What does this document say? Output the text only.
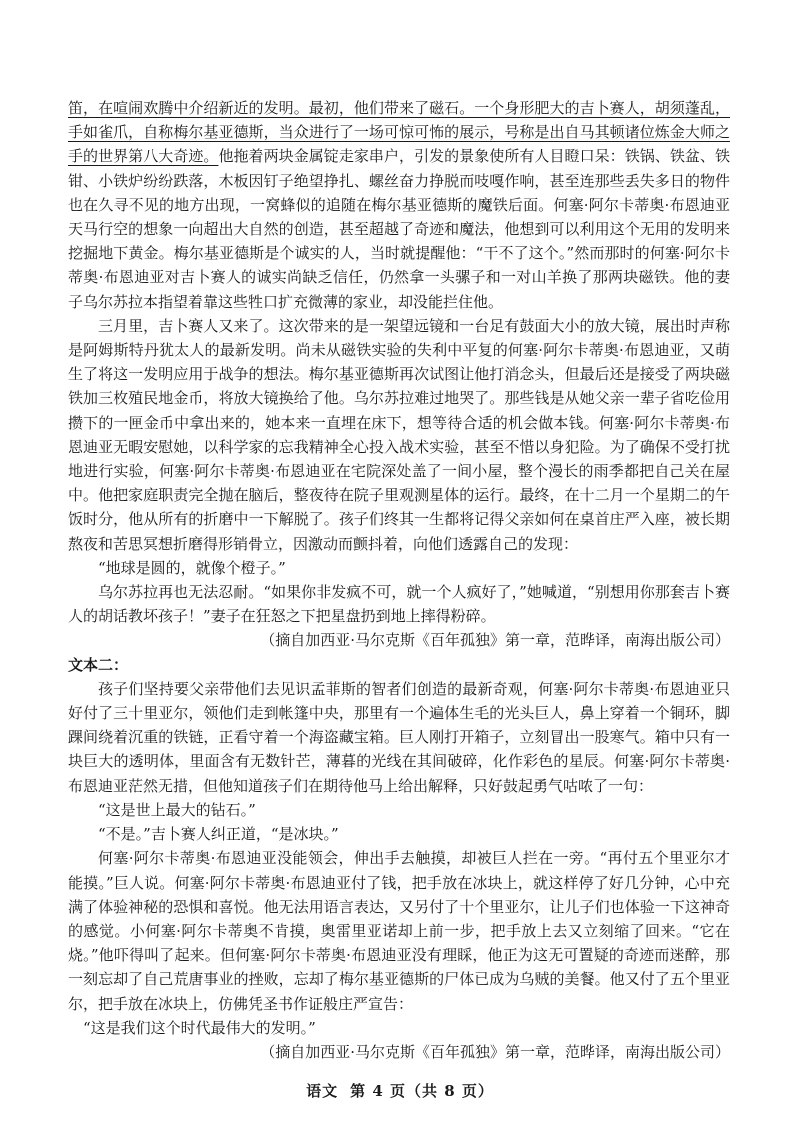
笛，在喧闹欢腾中介绍新近的发明。最初，他们带来了磁石。一个身形肥大的吉卜赛人，胡须蓬乱，手如雀爪，自称梅尔基亚德斯，当众进行了一场可惊可怖的展示，号称是出自马其顿诸位炼金大师之手的世界第八大奇迹。他拖着两块金属锭走家串户，引发的景象使所有人目瞪口呆：铁锅、铁盆、铁钳、小铁炉纷纷跌落，木板因钉子绝望挣扎、螺丝奋力挣脱而吱嘎作响，甚至连那些丢失多日的物件也在久寻不见的地方出现，一窝蜂似的追随在梅尔基亚德斯的魔铁后面。何塞·阿尔卡蒂奥·布恩迪亚天马行空的想象一向超出大自然的创造，甚至超越了奇迹和魔法，他想到可以利用这个无用的发明来挖掘地下黄金。梅尔基亚德斯是个诚实的人，当时就提醒他：“干不了这个。”然而那时的何塞·阿尔卡蒂奥·布恩迪亚对吉卜赛人的诚实尚缺乏信任，仍然拿一头骡子和一对山羊换了那两块磁铁。他的妻子乌尔苏拉本指望着靠这些牲口扩充微薄的家业，却没能拦住他。

三月里，吉卜赛人又来了。这次带来的是一架望远镜和一台足有鼓面大小的放大镜，展出时声称是阿姆斯特丹犹太人的最新发明。尚未从磁铁实验的失利中平复的何塞·阿尔卡蒂奥·布恩迪亚，又萌生了将这一发明应用于战争的想法。梅尔基亚德斯再次试图让他打消念头，但最后还是接受了两块磁铁加三枚殖民地金币，将放大镜换给了他。乌尔苏拉难过地哭了。那些钱是从她父亲一辈子省吃俭用攒下的一匣金币中拿出来的，她本来一直埋在床下，想等待合适的机会做本钱。何塞·阿尔卡蒂奥·布恩迪亚无暇安慰她，以科学家的忘我精神全心投入战术实验，甚至不惜以身犯险。为了确保不受打扰地进行实验，何塞·阿尔卡蒂奥·布恩迪亚在宅院深处盖了一间小屋，整个漫长的雨季都把自己关在屋中。他把家庭职责完全抛在脑后，整夜待在院子里观测星体的运行。最终，在十二月一个星期二的午饭时分，他从所有的折磨中一下解脱了。孩子们终其一生都将记得父亲如何在桌首庄严入座，被长期熬夜和苦思冥想折磨得形销骨立，因激动而颤抖着，向他们透露自己的发现：

“地球是圆的，就像个橙子。”

乌尔苏拉再也无法忍耐。“如果你非发疯不可，就一个人疯好了，”她喊道，“别想用你那套吉卜赛人的胡话教坏孩子！”妻子在狂怒之下把星盘扔到地上摔得粉碎。

（摘自加西亚·马尔克斯《百年孤独》第一章，范晔译，南海出版公司）

文本二：

孩子们坚持要父亲带他们去见识孟菲斯的智者们创造的最新奇观，何塞·阿尔卡蒂奥·布恩迪亚只好付了三十里亚尔，领他们走到帐篷中央，那里有一个遍体生毛的光头巨人，鼻上穿着一个铜环，脚踝间绕着沉重的铁链，正看守着一个海盗藏宝箱。巨人刚打开箱子，立刻冒出一股寒气。箱中只有一块巨大的透明体，里面含有无数针芒，薄暮的光线在其间破碎，化作彩色的星辰。何塞·阿尔卡蒂奥·布恩迪亚茫然无措，但他知道孩子们在期待他马上给出解释，只好鼓起勇气咕哝了一句：

“这是世上最大的钻石。”

“不是。”吉卜赛人纠正道，“是冰块。”

何塞·阿尔卡蒂奥·布恩迪亚没能领会，伸出手去触摸，却被巨人拦在一旁。“再付五个里亚尔才能摸。”巨人说。何塞·阿尔卡蒂奥·布恩迪亚付了钱，把手放在冰块上，就这样停了好几分钟，心中充满了体验神秘的恐惧和喜悦。他无法用语言表达，又另付了十个里亚尔，让儿子们也体验一下这神奇的感觉。小何塞·阿尔卡蒂奥不肯摸，奥雷里亚诺却上前一步，把手放上去又立刻缩了回来。“它在烧。”他吓得叫了起来。但何塞·阿尔卡蒂奥·布恩迪亚没有理睬，他正为这无可置疑的奇迹而迷醉，那一刻忘却了自己荒唐事业的挫败，忘却了梅尔基亚德斯的尸体已成为乌贼的美餐。他又付了五个里亚尔，把手放在冰块上，仿佛凭圣书作证般庄严宣告：

“这是我们这个时代最伟大的发明。”

（摘自加西亚·马尔克斯《百年孤独》第一章，范晔译，南海出版公司）

语文 第 4 页（共 8 页）
